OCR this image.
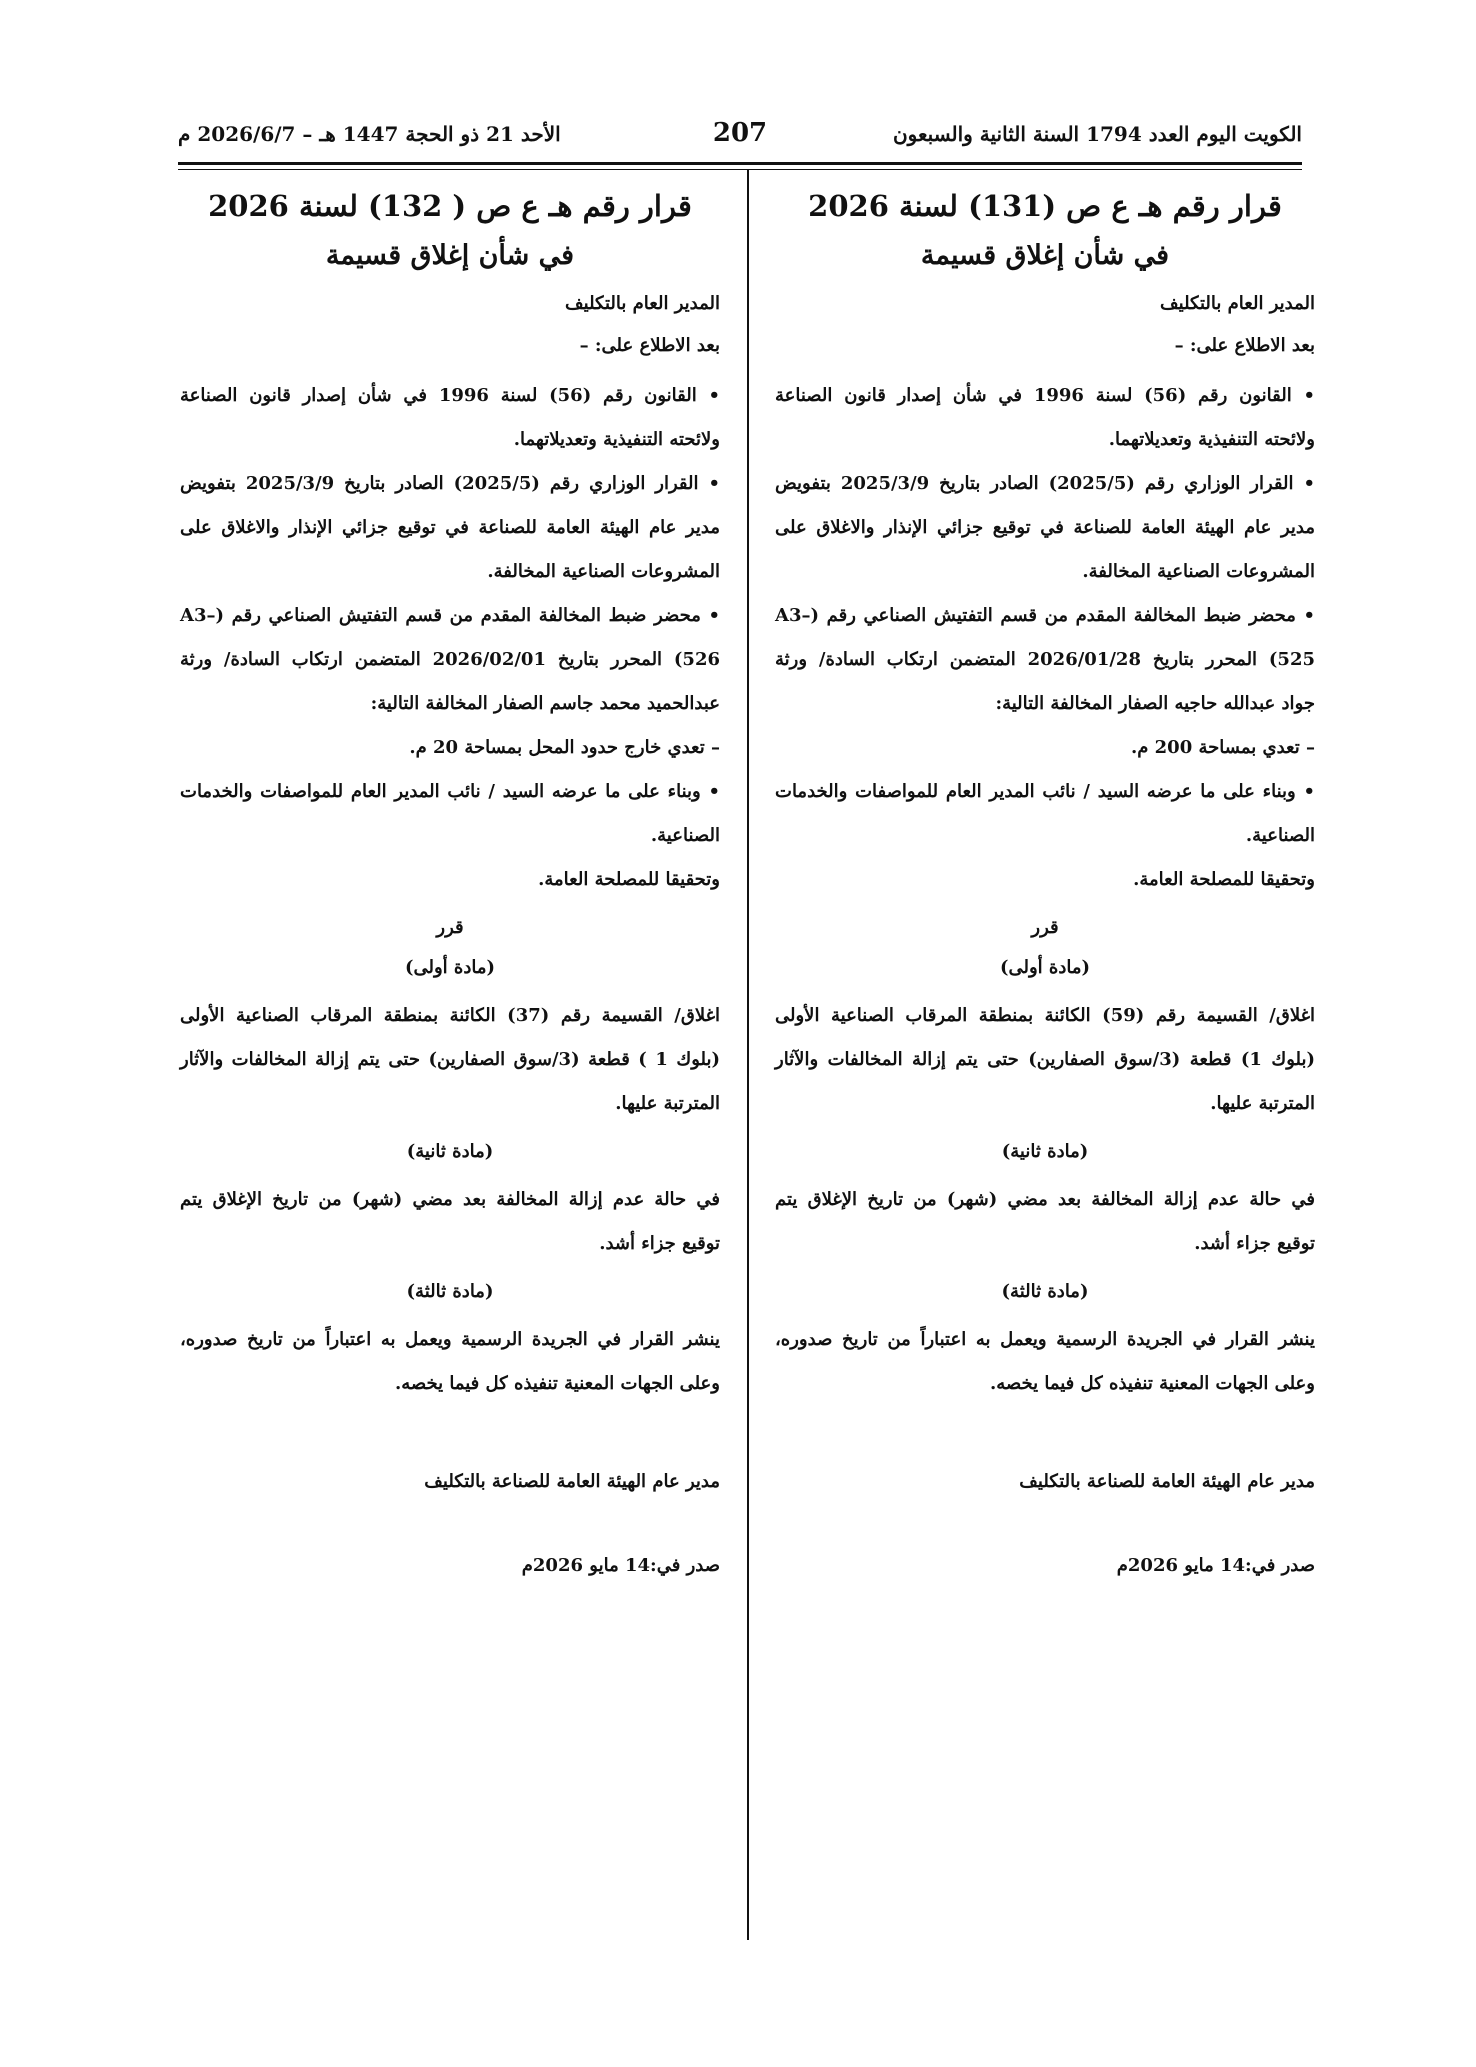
الكويت اليوم العدد 1794 السنة الثانية والسبعون
207
الأحد 21 ذو الحجة 1447 هـ – 2026/6/7 م
قرار رقم هـ ع ص (131) لسنة 2026
في شأن إغلاق قسيمة
المدير العام بالتكليف
بعد الاطلاع على: –

• القانون رقم (56) لسنة 1996 في شأن إصدار قانون الصناعة ولائحته التنفيذية وتعديلاتهما.

• القرار الوزاري رقم (2025/5) الصادر بتاريخ 2025/3/9 بتفويض مدير عام الهيئة العامة للصناعة في توقيع جزائي الإنذار والاغلاق على المشروعات الصناعية المخالفة.

• محضر ضبط المخالفة المقدم من قسم التفتيش الصناعي رقم (A3–525) المحرر بتاريخ 2026/01/28 المتضمن ارتكاب السادة/ ورثة جواد عبدالله حاجيه الصفار المخالفة التالية:

– تعدي بمساحة 200 م.

• وبناء على ما عرضه السيد / نائب المدير العام للمواصفات والخدمات الصناعية.

وتحقيقا للمصلحة العامة.

قرر
(مادة أولى)

اغلاق/ القسيمة رقم (59) الكائنة بمنطقة المرقاب الصناعية الأولى (بلوك 1) قطعة (3/سوق الصفارين) حتى يتم إزالة المخالفات والآثار المترتبة عليها.

(مادة ثانية)

في حالة عدم إزالة المخالفة بعد مضي (شهر) من تاريخ الإغلاق يتم توقيع جزاء أشد.

(مادة ثالثة)

ينشر القرار في الجريدة الرسمية ويعمل به اعتباراً من تاريخ صدوره، وعلى الجهات المعنية تنفيذه كل فيما يخصه.

مدير عام الهيئة العامة للصناعة بالتكليف
صدر في:14 مايو 2026م
قرار رقم هـ ع ص ( 132) لسنة 2026
في شأن إغلاق قسيمة
المدير العام بالتكليف
بعد الاطلاع على: –

• القانون رقم (56) لسنة 1996 في شأن إصدار قانون الصناعة ولائحته التنفيذية وتعديلاتهما.

• القرار الوزاري رقم (2025/5) الصادر بتاريخ 2025/3/9 بتفويض مدير عام الهيئة العامة للصناعة في توقيع جزائي الإنذار والاغلاق على المشروعات الصناعية المخالفة.

• محضر ضبط المخالفة المقدم من قسم التفتيش الصناعي رقم (A3–526) المحرر بتاريخ 2026/02/01 المتضمن ارتكاب السادة/ ورثة عبدالحميد محمد جاسم الصفار المخالفة التالية:

– تعدي خارج حدود المحل بمساحة 20 م.

• وبناء على ما عرضه السيد / نائب المدير العام للمواصفات والخدمات الصناعية.

وتحقيقا للمصلحة العامة.

قرر
(مادة أولى)

اغلاق/ القسيمة رقم (37) الكائنة بمنطقة المرقاب الصناعية الأولى (بلوك 1 ) قطعة (3/سوق الصفارين) حتى يتم إزالة المخالفات والآثار المترتبة عليها.

(مادة ثانية)

في حالة عدم إزالة المخالفة بعد مضي (شهر) من تاريخ الإغلاق يتم توقيع جزاء أشد.

(مادة ثالثة)

ينشر القرار في الجريدة الرسمية ويعمل به اعتباراً من تاريخ صدوره، وعلى الجهات المعنية تنفيذه كل فيما يخصه.

مدير عام الهيئة العامة للصناعة بالتكليف
صدر في:14 مايو 2026م
